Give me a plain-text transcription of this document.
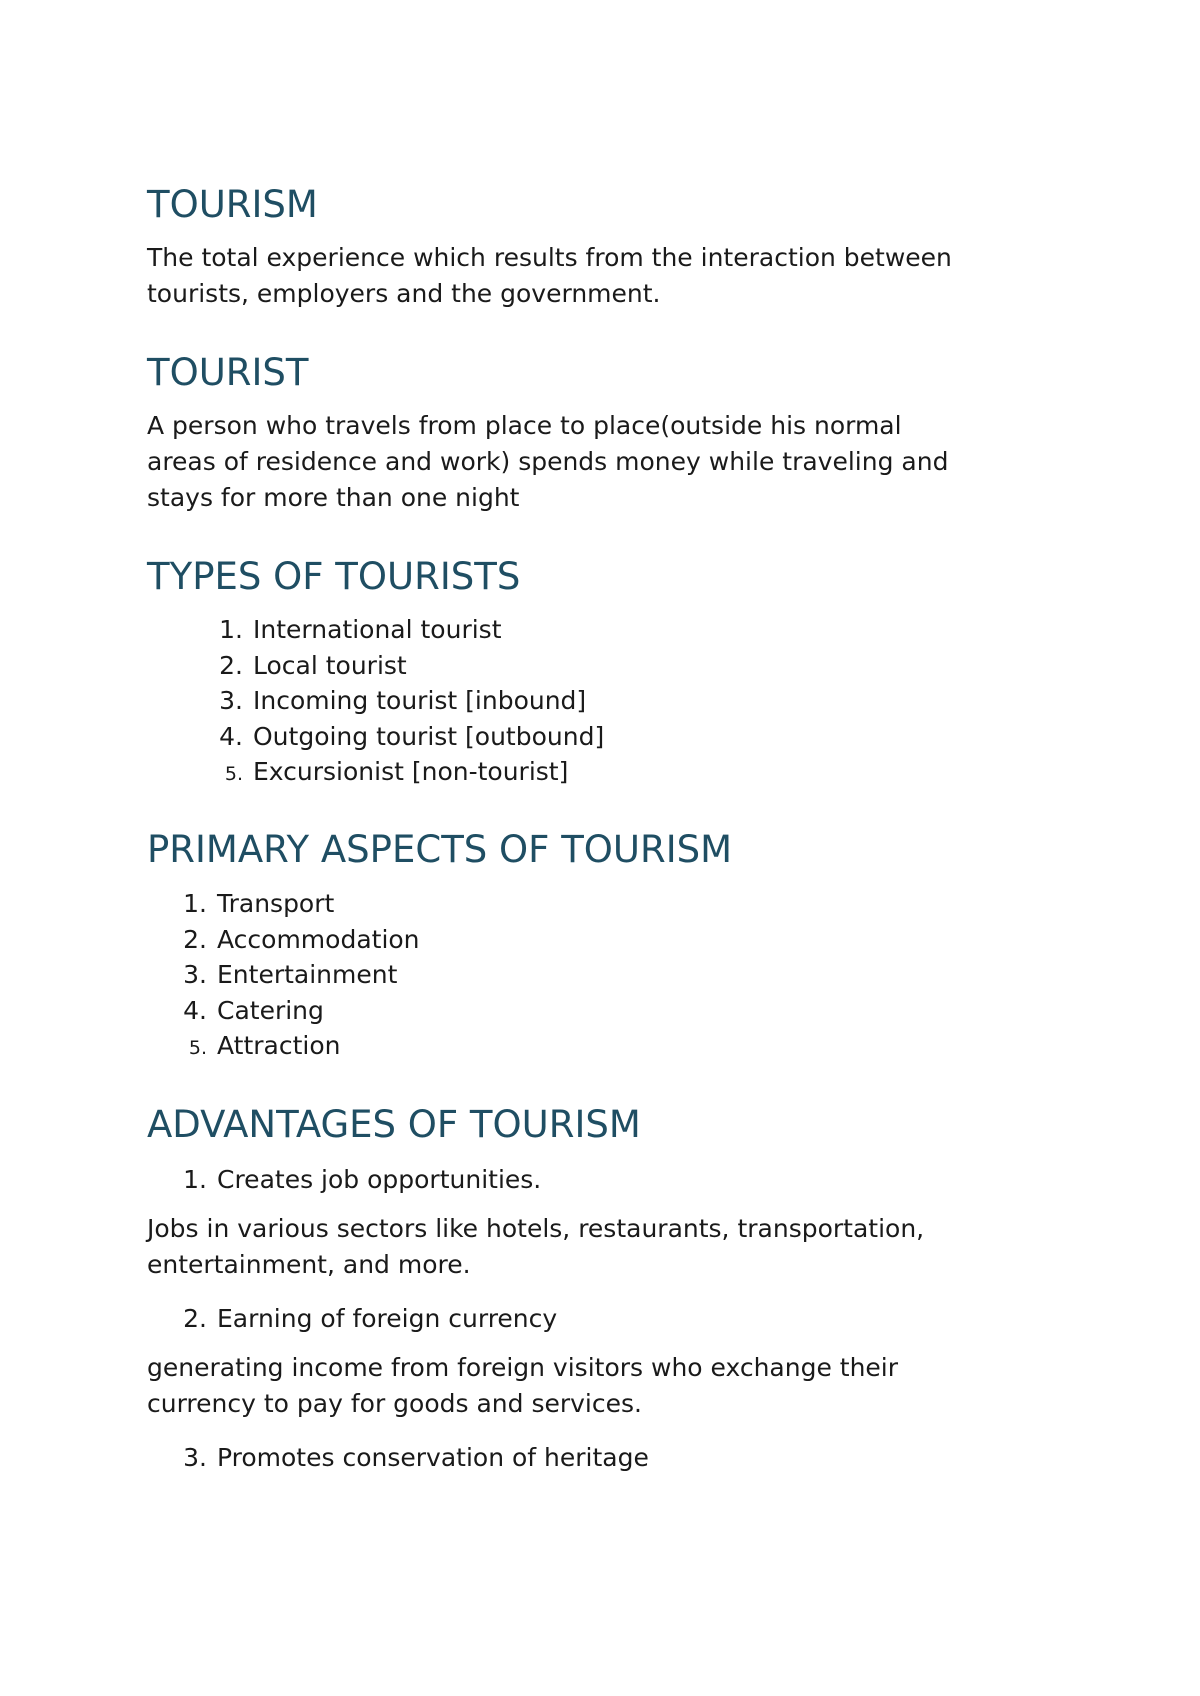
TOURISM

The total experience which results from the interaction between

tourists, employers and the government.

TOURIST

A person who travels from place to place(outside his normal

areas of residence and work) spends money while traveling and

stays for more than one night

TYPES OF TOURISTS
1. International tourist
2. Local tourist
3. Incoming tourist [inbound]
4. Outgoing tourist [outbound]
5. Excursionist [non-tourist]
PRIMARY ASPECTS OF TOURISM
1. Transport
2. Accommodation
3. Entertainment
4. Catering
5. Attraction
ADVANTAGES OF TOURISM
1. Creates job opportunities.

Jobs in various sectors like hotels, restaurants, transportation,

entertainment, and more.

2. Earning of foreign currency

generating income from foreign visitors who exchange their

currency to pay for goods and services.

3. Promotes conservation of heritage
